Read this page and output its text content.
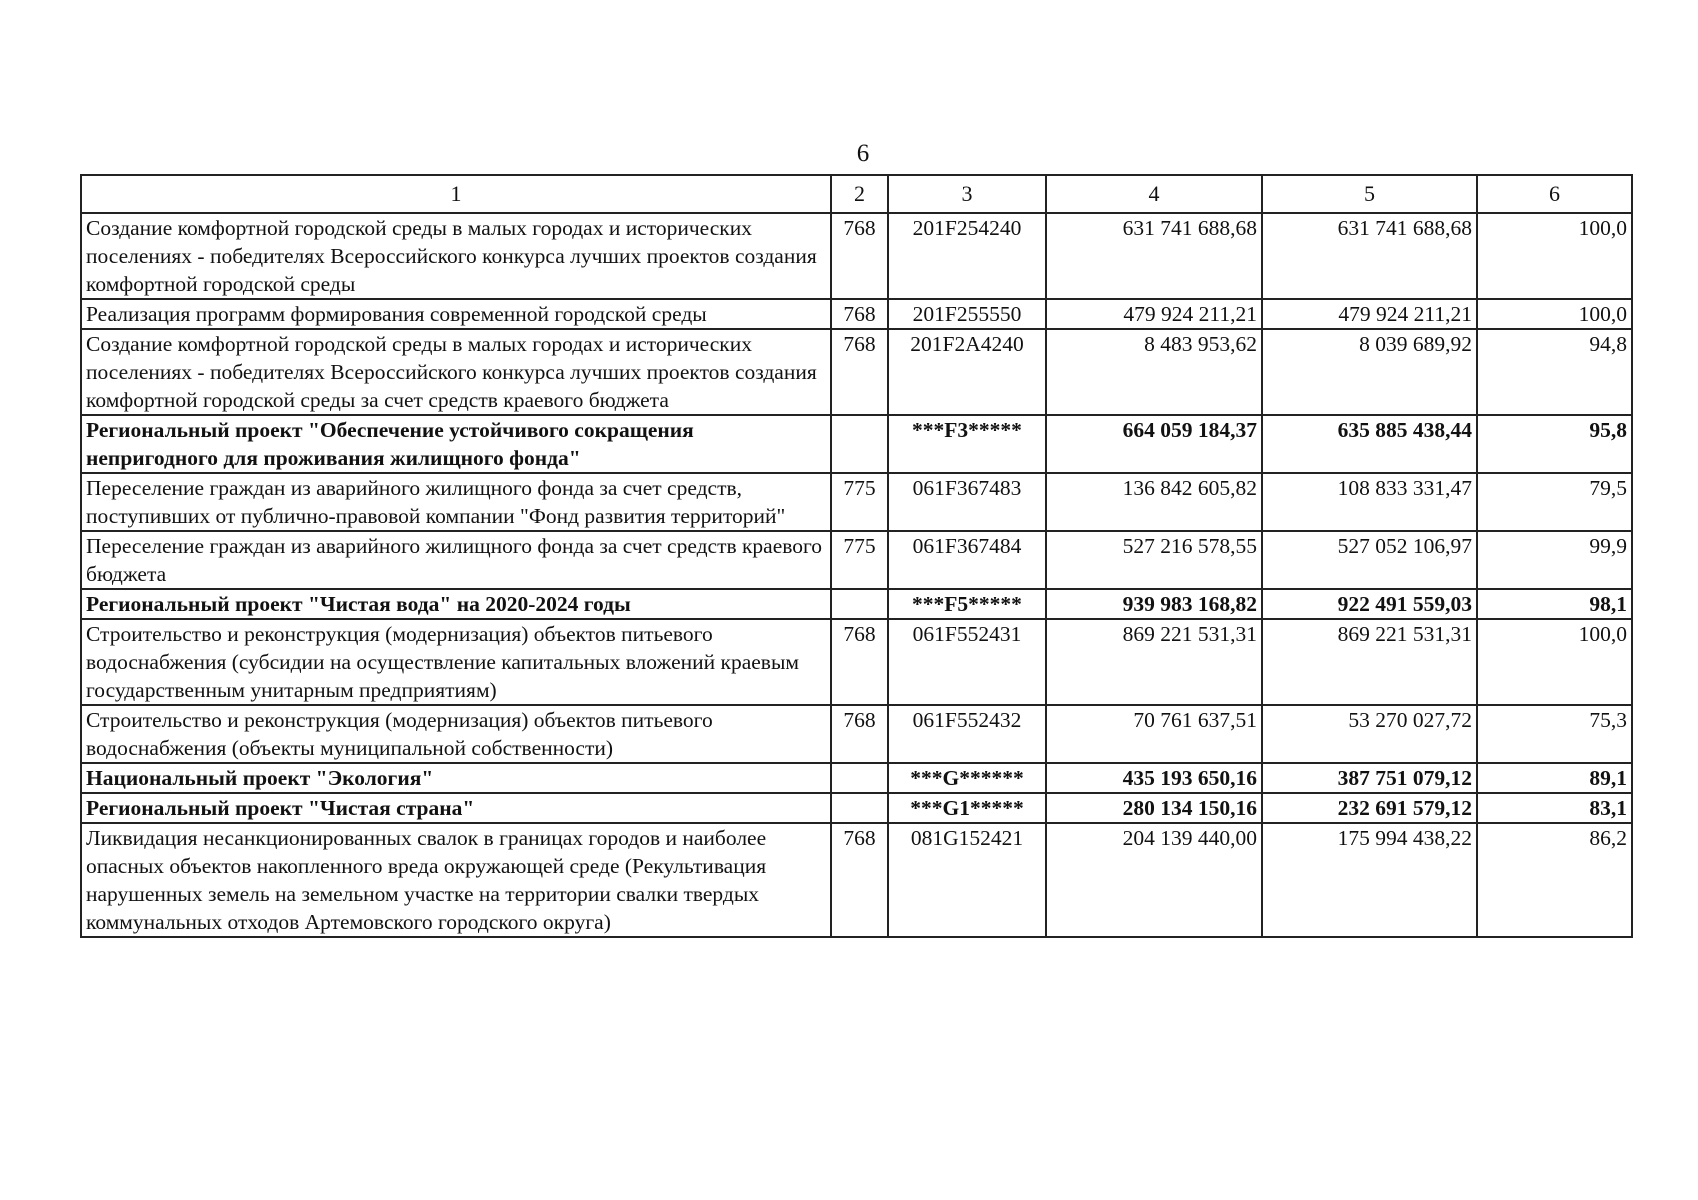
6
1	2	3	4	5	6
Создание комфортной городской среды в малых городах и исторических поселениях - победителях Всероссийского конкурса лучших проектов создания комфортной городской среды	768	201F254240	631 741 688,68	631 741 688,68	100,0
Реализация программ формирования современной городской среды	768	201F255550	479 924 211,21	479 924 211,21	100,0
Создание комфортной городской среды в малых городах и исторических поселениях - победителях Всероссийского конкурса лучших проектов создания комфортной городской среды за счет средств краевого бюджета	768	201F2A4240	8 483 953,62	8 039 689,92	94,8
Региональный проект "Обеспечение устойчивого сокращения непригодного для проживания жилищного фонда"		***F3*****	664 059 184,37	635 885 438,44	95,8
Переселение граждан из аварийного жилищного фонда за счет средств, поступивших от публично-правовой компании "Фонд развития территорий"	775	061F367483	136 842 605,82	108 833 331,47	79,5
Переселение граждан из аварийного жилищного фонда за счет средств краевого бюджета	775	061F367484	527 216 578,55	527 052 106,97	99,9
Региональный проект "Чистая вода" на 2020-2024 годы		***F5*****	939 983 168,82	922 491 559,03	98,1
Строительство и реконструкция (модернизация) объектов питьевого водоснабжения (субсидии на осуществление капитальных вложений краевым государственным унитарным предприятиям)	768	061F552431	869 221 531,31	869 221 531,31	100,0
Строительство и реконструкция (модернизация) объектов питьевого водоснабжения (объекты муниципальной собственности)	768	061F552432	70 761 637,51	53 270 027,72	75,3
Национальный проект "Экология"		***G******	435 193 650,16	387 751 079,12	89,1
Региональный проект "Чистая страна"		***G1*****	280 134 150,16	232 691 579,12	83,1
Ликвидация несанкционированных свалок в границах городов и наиболее опасных объектов накопленного вреда окружающей среде (Рекультивация нарушенных земель на земельном участке на территории свалки твердых коммунальных отходов Артемовского городского округа)	768	081G152421	204 139 440,00	175 994 438,22	86,2
